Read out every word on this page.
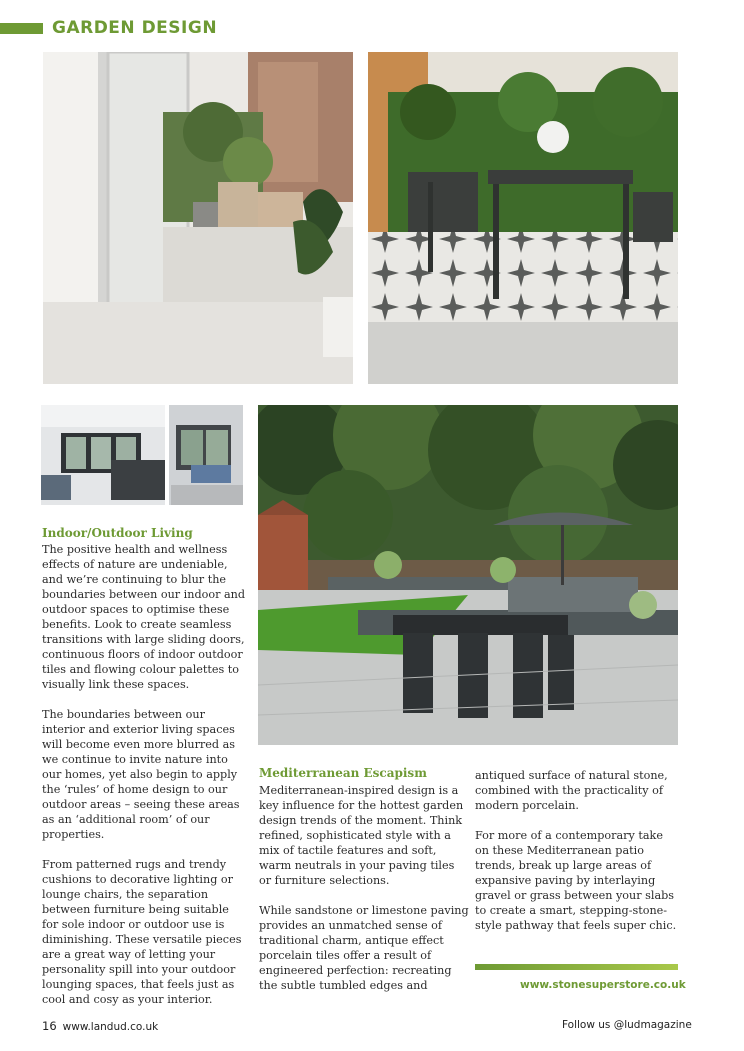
GARDEN DESIGN
Indoor/Outdoor Living

The positive health and wellness effects of nature are undeniable, and we’re continuing to blur the boundaries between our indoor and outdoor spaces to optimise these benefits. Look to create seamless transitions with large sliding doors, continuous floors of indoor outdoor tiles and flowing colour palettes to visually link these spaces.

The boundaries between our interior and exterior living spaces will become even more blurred as we continue to invite nature into our homes, yet also begin to apply the ‘rules’ of home design to our outdoor areas – seeing these areas as an ‘additional room’ of our properties.

From patterned rugs and trendy cushions to decorative lighting or lounge chairs, the separation between furniture being suitable for sole indoor or outdoor use is diminishing. These versatile pieces are a great way of letting your personality spill into your outdoor lounging spaces, that feels just as cool and cosy as your interior.

Mediterranean Escapism

Mediterranean-inspired design is a key influence for the hottest garden design trends of the moment. Think refined, sophisticated style with a mix of tactile features and soft, warm neutrals in your paving tiles or furniture selections.

While sandstone or limestone paving provides an unmatched sense of traditional charm, antique effect porcelain tiles offer a result of engineered perfection: recreating the subtle tumbled edges and

antiqued surface of natural stone, combined with the practicality of modern porcelain.

For more of a contemporary take on these Mediterranean patio trends, break up large areas of expansive paving by interlaying gravel or grass between your slabs to create a smart, stepping-stone-style pathway that feels super chic.

www.stonesuperstore.co.uk
16 www.landud.co.uk	Follow us @ludmagazine
